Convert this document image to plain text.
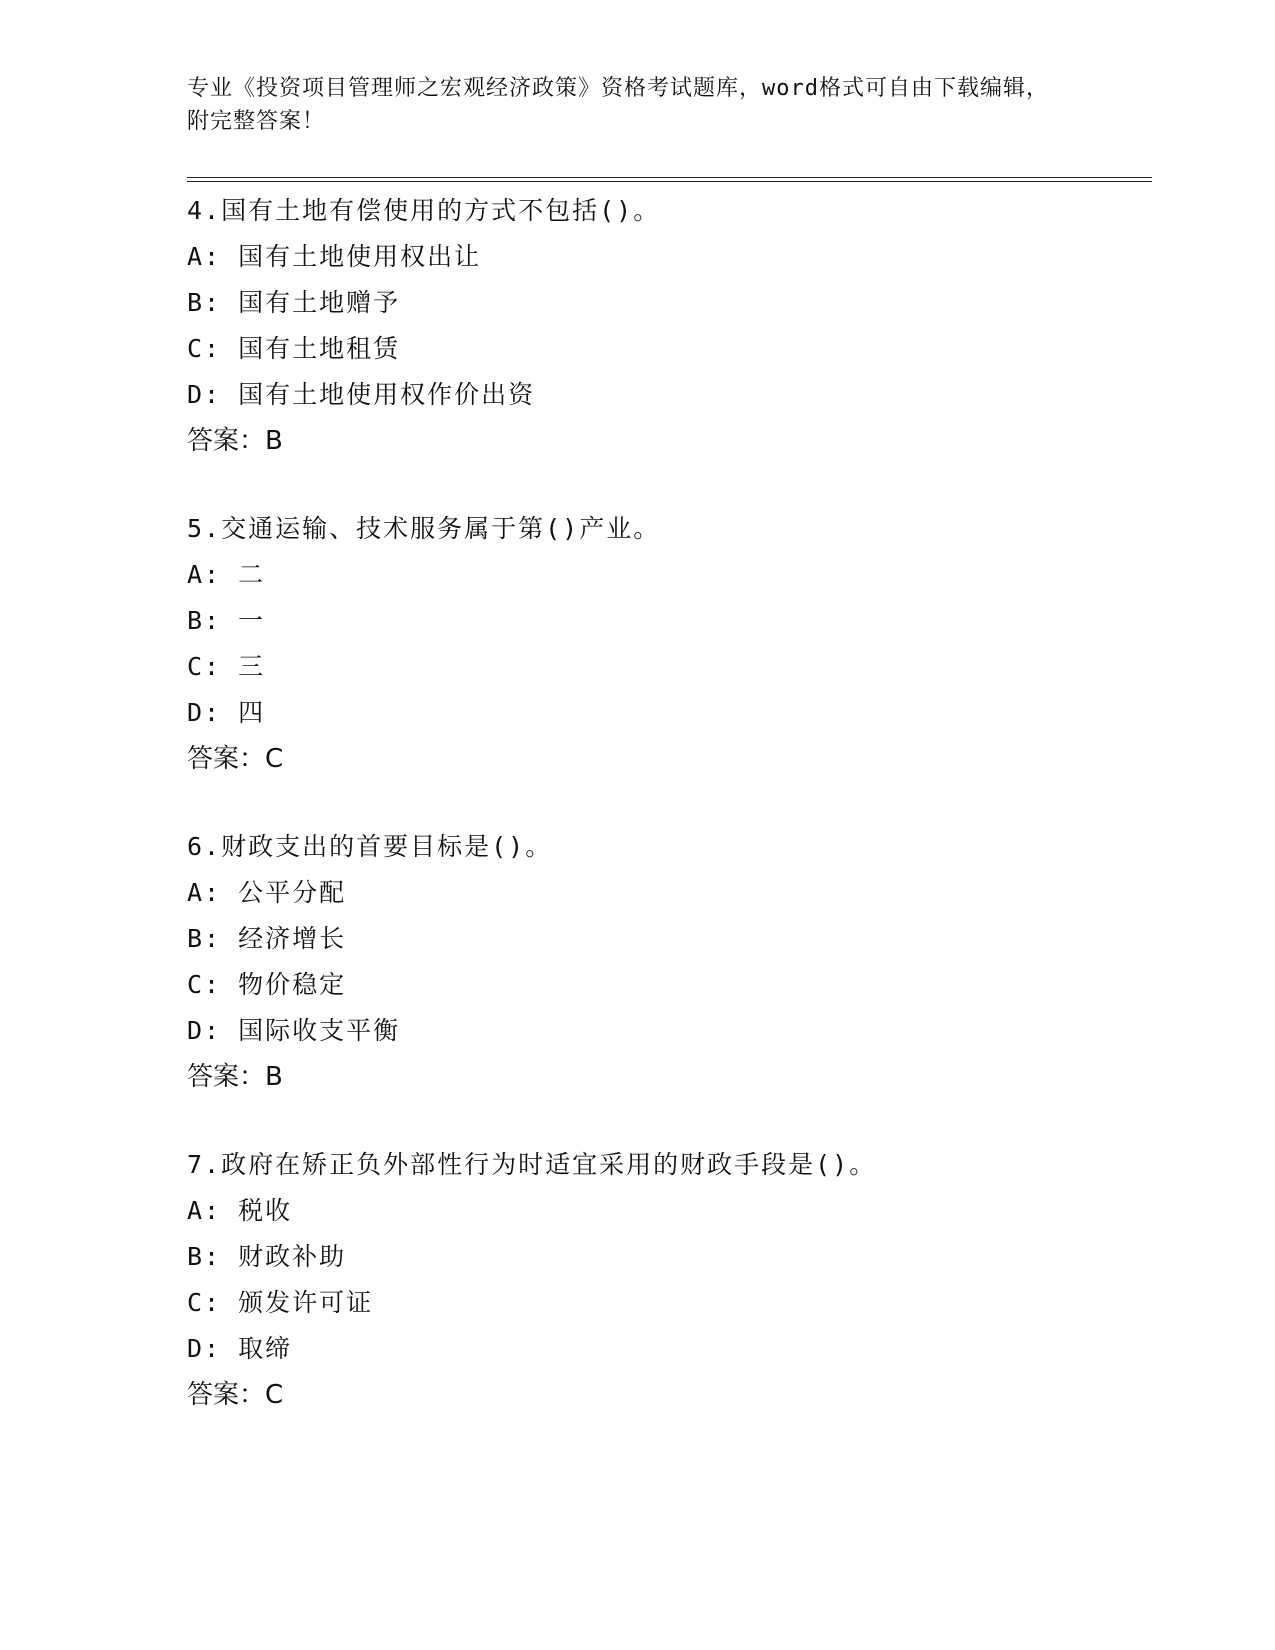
专业《投资项目管理师之宏观经济政策》资格考试题库，word格式可自由下载编辑，附完整答案！
4.国有土地有偿使用的方式不包括()。
A: 国有土地使用权出让
B: 国有土地赠予
C: 国有土地租赁
D: 国有土地使用权作价出资
答案：B
5.交通运输、技术服务属于第()产业。
A: 二
B: 一
C: 三
D: 四
答案：C
6.财政支出的首要目标是()。
A: 公平分配
B: 经济增长
C: 物价稳定
D: 国际收支平衡
答案：B
7.政府在矫正负外部性行为时适宜采用的财政手段是()。
A: 税收
B: 财政补助
C: 颁发许可证
D: 取缔
答案：C
